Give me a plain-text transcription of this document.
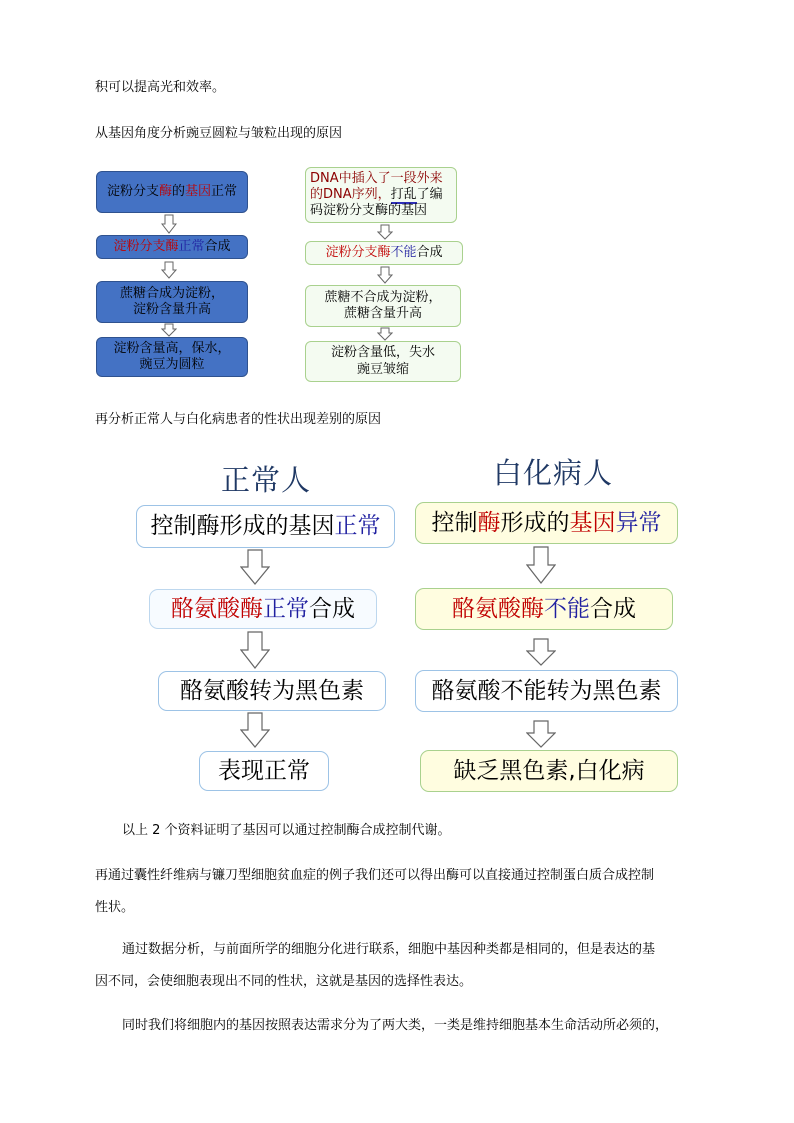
积可以提高光和效率。
从基因角度分析豌豆圆粒与皱粒出现的原因
再分析正常人与白化病患者的性状出现差别的原因
以上 2 个资料证明了基因可以通过控制酶合成控制代谢。
再通过囊性纤维病与镰刀型细胞贫血症的例子我们还可以得出酶可以直接通过控制蛋白质合成控制
性状。
通过数据分析，与前面所学的细胞分化进行联系，细胞中基因种类都是相同的，但是表达的基
因不同，会使细胞表现出不同的性状，这就是基因的选择性表达。
同时我们将细胞内的基因按照表达需求分为了两大类，一类是维持细胞基本生命活动所必须的，
淀粉分支酶的基因正常
淀粉分支酶正常合成
蔗糖合成为淀粉，
淀粉含量升高
淀粉含量高，保水，
豌豆为圆粒
DNA中插入了一段外来
的DNA序列，打乱了编
码淀粉分支酶的基因
淀粉分支酶不能合成
蔗糖不合成为淀粉，
蔗糖含量升高
淀粉含量低，失水
豌豆皱缩
正常人	白化病人
控制酶形成的基因正常
酪氨酸酶正常合成
酪氨酸转为黑色素
表现正常
控制酶形成的基因异常
酪氨酸酶不能合成
酪氨酸不能转为黑色素
缺乏黑色素,白化病
